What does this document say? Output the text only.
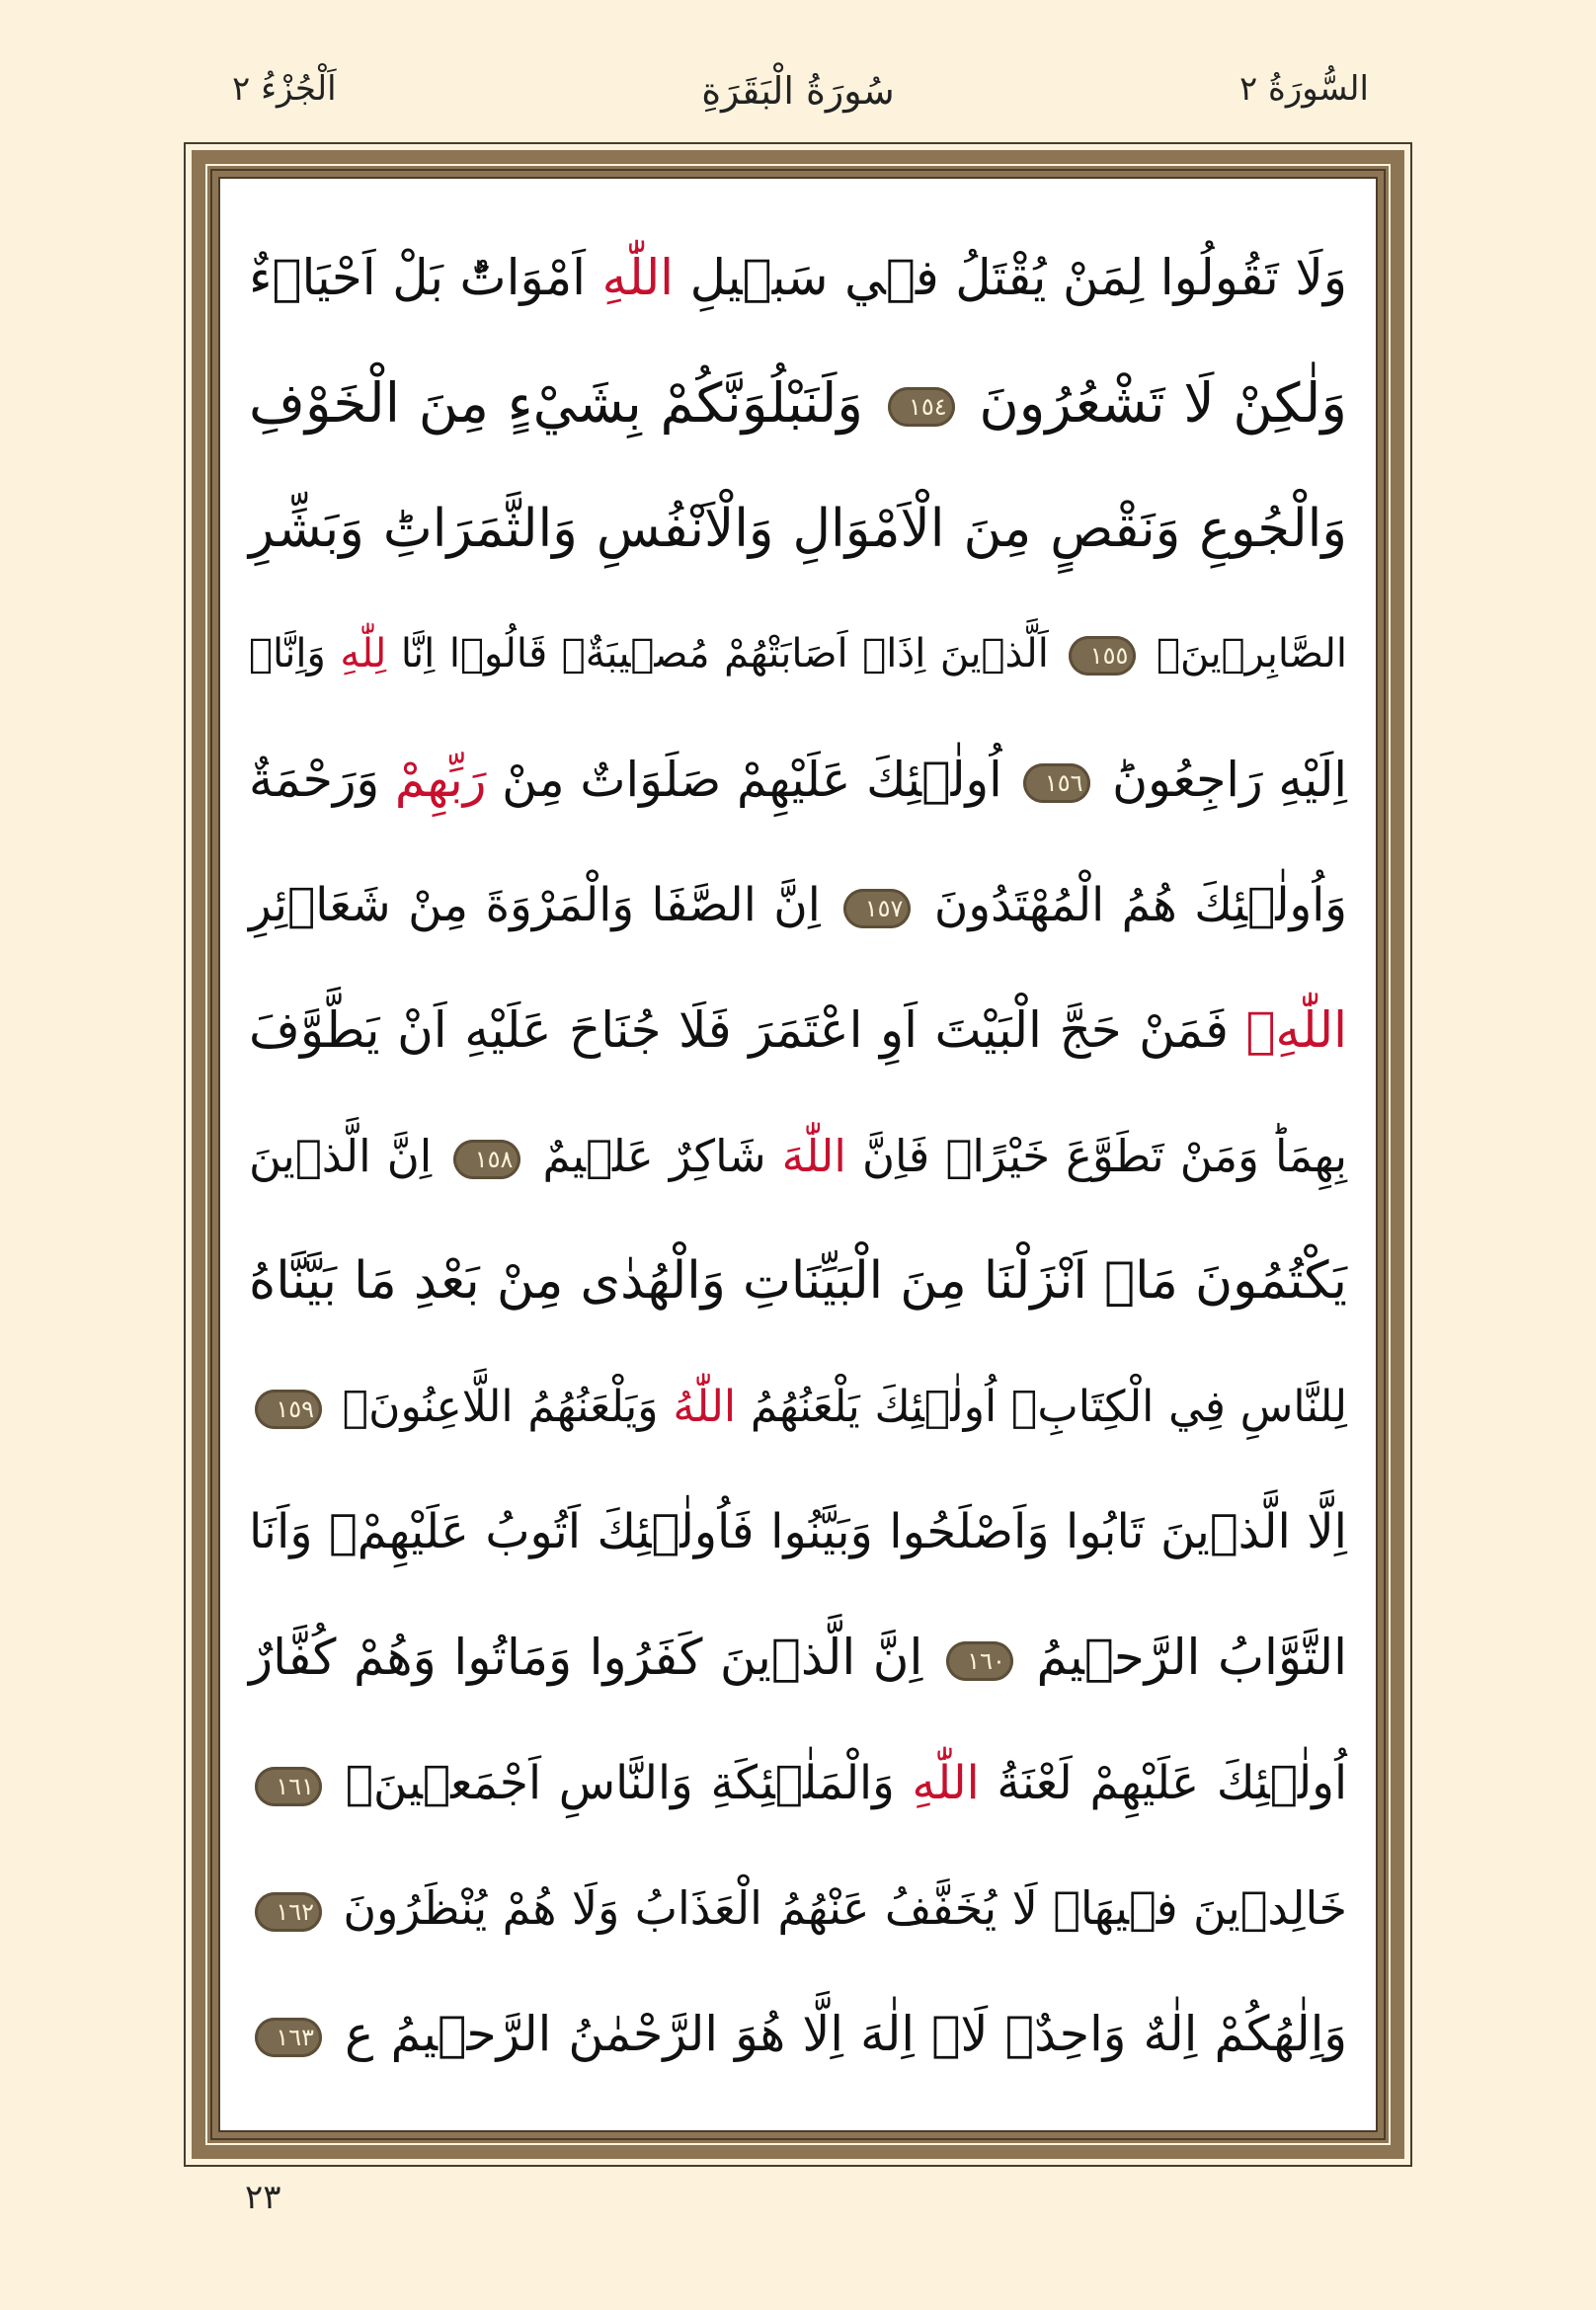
السُّورَةُ ٢
سُورَةُ الْبَقَرَةِ
اَلْجُزْءُ ٢
وَلَا تَقُولُوا لِمَنْ يُقْتَلُ فٖي سَبٖيلِ اللّٰهِ اَمْوَاتٌؕ بَلْ اَحْيَاۤءٌ
وَلٰكِنْ لَا تَشْعُرُونَ ١٥٤ وَلَنَبْلُوَنَّكُمْ بِشَيْءٍ مِنَ الْخَوْفِ
وَالْجُوعِ وَنَقْصٍ مِنَ الْاَمْوَالِ وَالْاَنْفُسِ وَالثَّمَرَاتِؕ وَبَشِّرِ
الصَّابِرٖينَۙ ١٥٥ اَلَّذٖينَ اِذَاۤ اَصَابَتْهُمْ مُصٖيبَةٌۙ قَالُوۤا اِنَّا لِلّٰهِ وَاِنَّاۤ
اِلَيْهِ رَاجِعُونَؕ ١٥٦ اُولٰۤئِكَ عَلَيْهِمْ صَلَوَاتٌ مِنْ رَبِّهِمْ وَرَحْمَةٌ
وَاُولٰۤئِكَ هُمُ الْمُهْتَدُونَ ١٥٧ اِنَّ الصَّفَا وَالْمَرْوَةَ مِنْ شَعَاۤئِرِ
اللّٰهِۚ فَمَنْ حَجَّ الْبَيْتَ اَوِ اعْتَمَرَ فَلَا جُنَاحَ عَلَيْهِ اَنْ يَطَّوَّفَ
بِهِمَاؕ وَمَنْ تَطَوَّعَ خَيْرًاۙ فَاِنَّ اللّٰهَ شَاكِرٌ عَلٖيمٌ ١٥٨ اِنَّ الَّذٖينَ
يَكْتُمُونَ مَاۤ اَنْزَلْنَا مِنَ الْبَيِّنَاتِ وَالْهُدٰى مِنْ بَعْدِ مَا بَيَّنَّاهُ
لِلنَّاسِ فِي الْكِتَابِۙ اُولٰۤئِكَ يَلْعَنُهُمُ اللّٰهُ وَيَلْعَنُهُمُ اللَّاعِنُونَۙ ١٥٩
اِلَّا الَّذٖينَ تَابُوا وَاَصْلَحُوا وَبَيَّنُوا فَاُولٰۤئِكَ اَتُوبُ عَلَيْهِمْۚ وَاَنَا
التَّوَّابُ الرَّحٖيمُ ١٦٠ اِنَّ الَّذٖينَ كَفَرُوا وَمَاتُوا وَهُمْ كُفَّارٌ
اُولٰۤئِكَ عَلَيْهِمْ لَعْنَةُ اللّٰهِ وَالْمَلٰۤئِكَةِ وَالنَّاسِ اَجْمَعٖينَۙ ١٦١
خَالِدٖينَ فٖيهَاۚ لَا يُخَفَّفُ عَنْهُمُ الْعَذَابُ وَلَا هُمْ يُنْظَرُونَ ١٦٢
وَاِلٰهُكُمْ اِلٰهٌ وَاحِدٌۚ لَاۤ اِلٰهَ اِلَّا هُوَ الرَّحْمٰنُ الرَّحٖيمُ ع ١٦٣
٢٣
